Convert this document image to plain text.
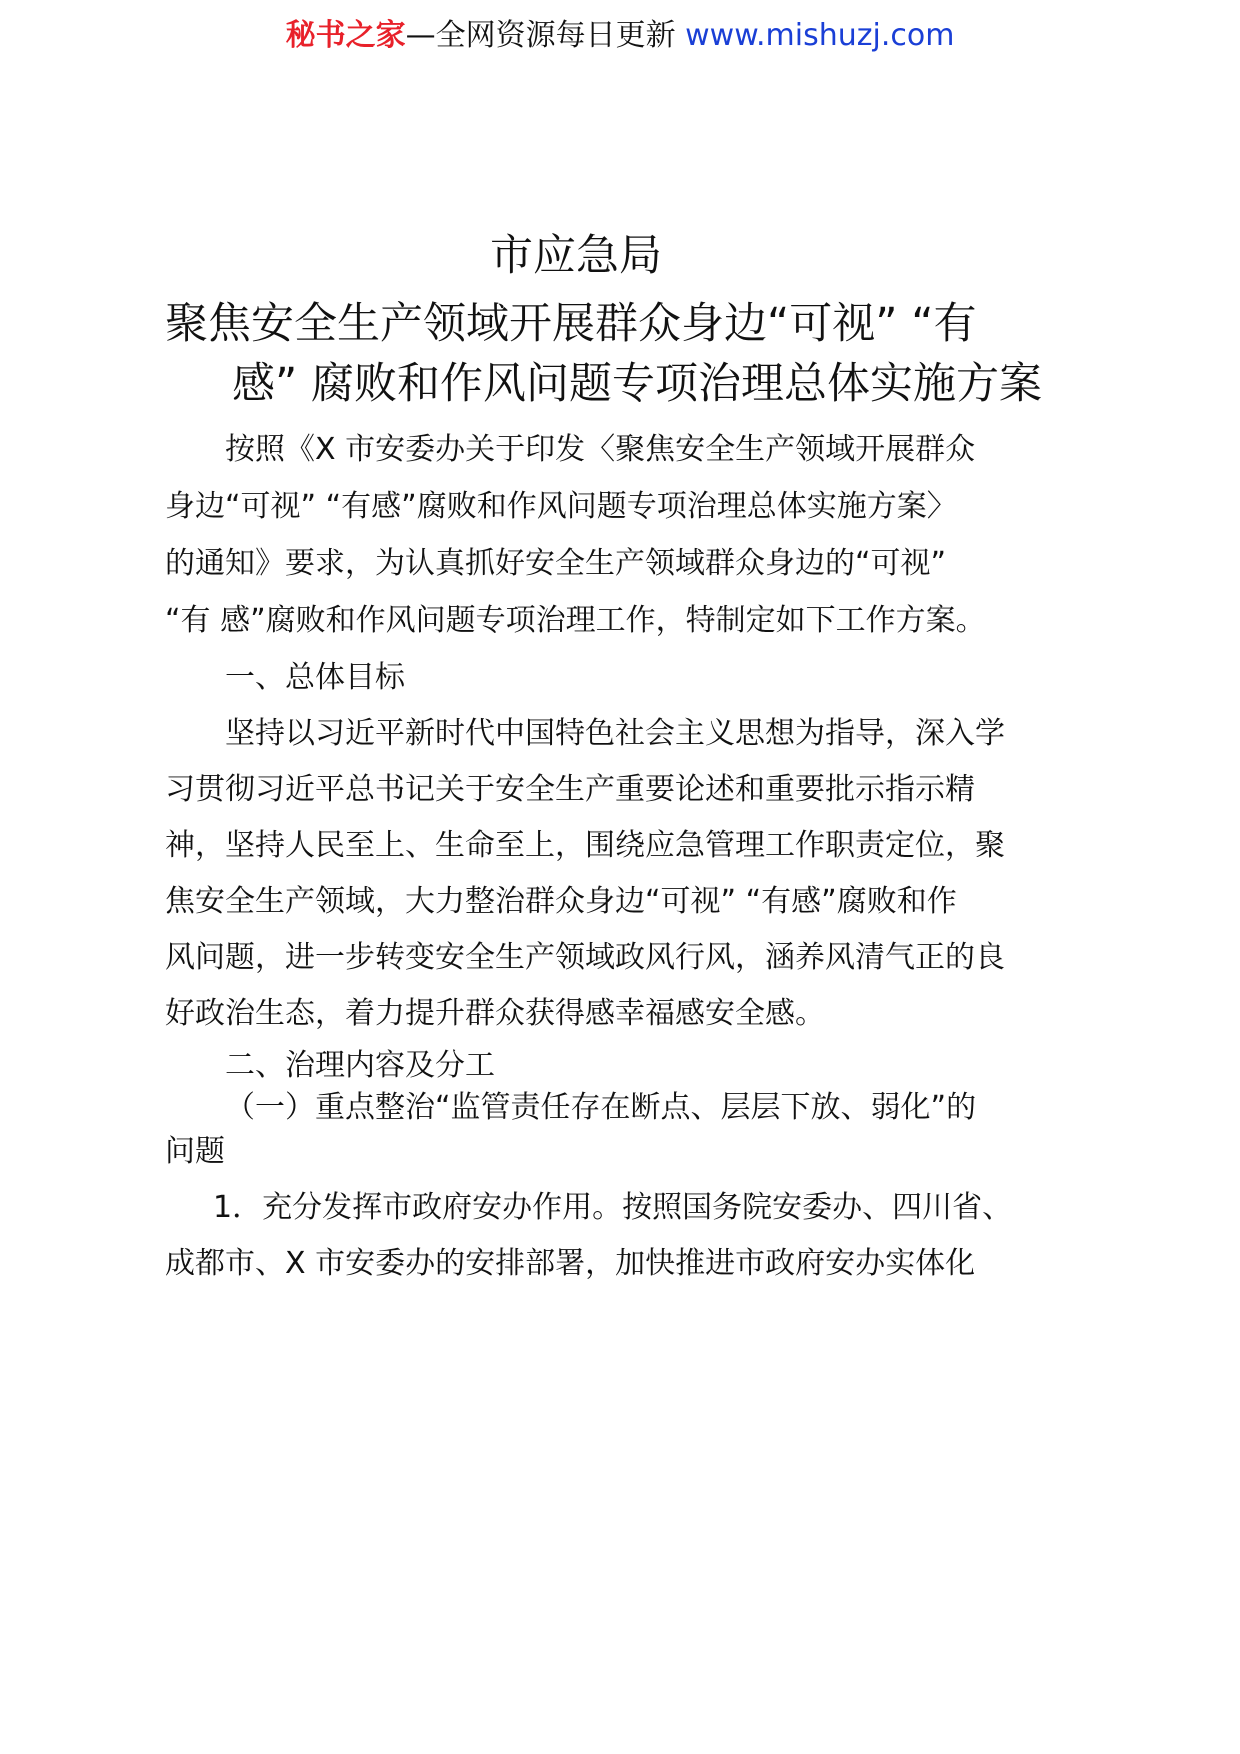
秘书之家—全网资源每日更新 www.mishuzj.com
市应急局
聚焦安全生产领域开展群众身边“可视” “有
感” 腐败和作风问题专项治理总体实施方案
按照《X 市安委办关于印发〈聚焦安全生产领域开展群众
身边“可视” “有感”腐败和作风问题专项治理总体实施方案〉
的通知》要求，为认真抓好安全生产领域群众身边的“可视”
“有 感”腐败和作风问题专项治理工作，特制定如下工作方案。
一、总体目标
坚持以习近平新时代中国特色社会主义思想为指导，深入学
习贯彻习近平总书记关于安全生产重要论述和重要批示指示精
神，坚持人民至上、生命至上，围绕应急管理工作职责定位，聚
焦安全生产领域，大力整治群众身边“可视” “有感”腐败和作
风问题，进一步转变安全生产领域政风行风，涵养风清气正的良
好政治生态，着力提升群众获得感幸福感安全感。
二、治理内容及分工
（一）重点整治“监管责任存在断点、层层下放、弱化”的
问题
1．充分发挥市政府安办作用。按照国务院安委办、四川省、
成都市、X 市安委办的安排部署，加快推进市政府安办实体化
